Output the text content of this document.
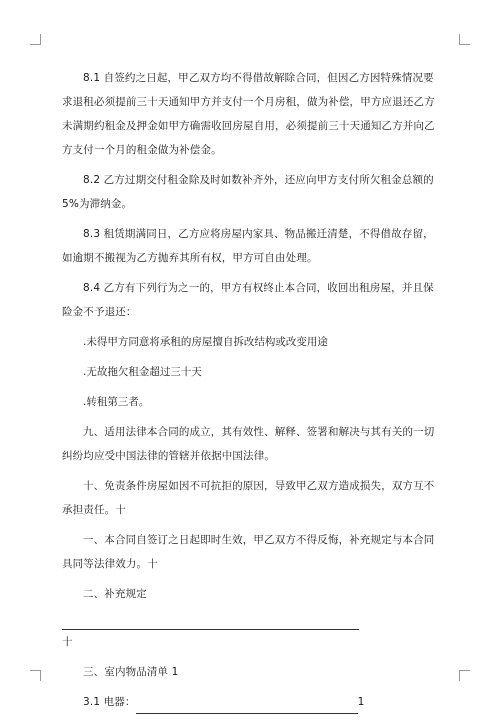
8.1 自签约之日起，甲乙双方均不得借故解除合同，但因乙方因特殊情况要求退租必须提前三十天通知甲方并支付一个月房租，做为补偿，甲方应退还乙方未满期约租金及押金如甲方确需收回房屋自用，必须提前三十天通知乙方并向乙方支付一个月的租金做为补偿金。

8.2 乙方过期交付租金除及时如数补齐外，还应向甲方支付所欠租金总额的 5%为滞纳金。

8.3 租赁期满同日，乙方应将房屋内家具、物品搬迁清楚，不得借故存留，如逾期不搬视为乙方抛弃其所有权，甲方可自由处理。

8.4 乙方有下列行为之一的，甲方有权终止本合同，收回出租房屋，并且保险金不予退还：

.未得甲方同意将承租的房屋擅自拆改结构或改变用途

.无故拖欠租金超过三十天

.转租第三者。

九、适用法律本合同的成立，其有效性、解释、签署和解决与其有关的一切纠纷均应受中国法律的管辖并依据中国法律。

十、免责条件房屋如因不可抗拒的原因，导致甲乙双方造成损失，双方互不承担责任。十

一、本合同自签订之日起即时生效，甲乙双方不得反悔，补充规定与本合同具同等法律效力。十

二、补充规定

十

三、室内物品清单 1

3.1 电器：	1
